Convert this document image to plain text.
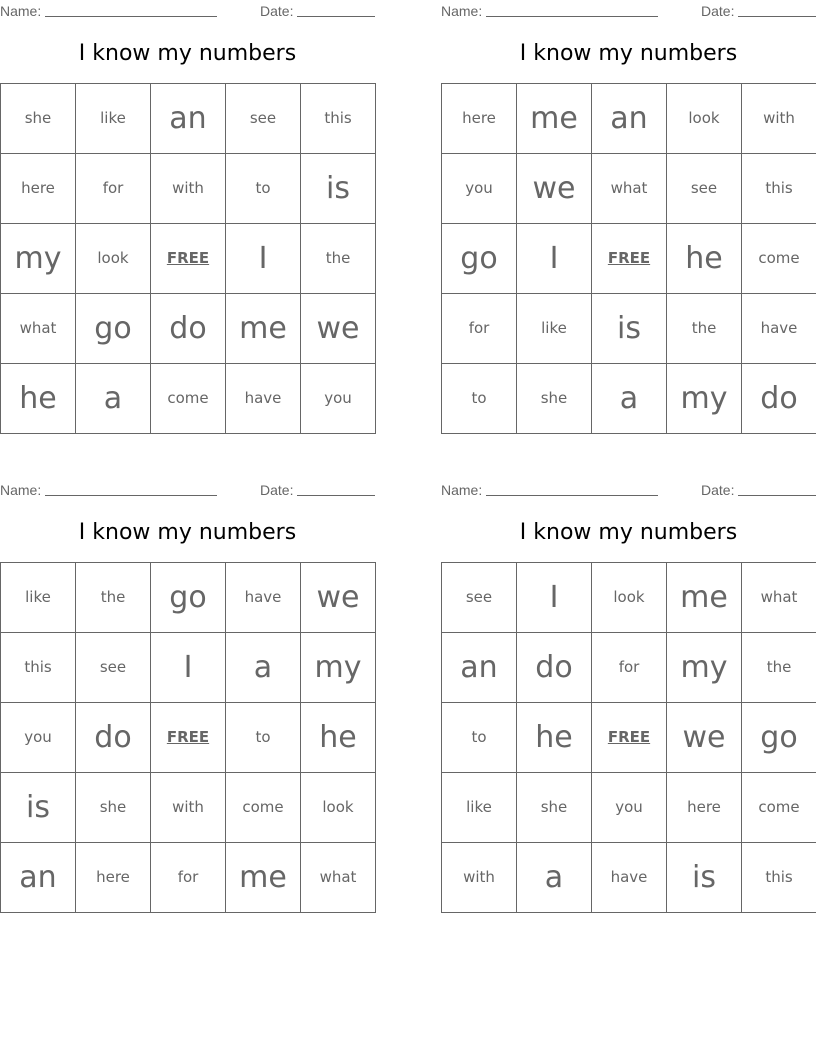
Name:	Date:
I know my numbers
she	like	an	see	this
here	for	with	to	is
my	look	FREE	I	the
what	go	do	me	we
he	a	come	have	you
Name:	Date:
I know my numbers
here	me	an	look	with
you	we	what	see	this
go	I	FREE	he	come
for	like	is	the	have
to	she	a	my	do
Name:	Date:
I know my numbers
like	the	go	have	we
this	see	I	a	my
you	do	FREE	to	he
is	she	with	come	look
an	here	for	me	what
Name:	Date:
I know my numbers
see	I	look	me	what
an	do	for	my	the
to	he	FREE	we	go
like	she	you	here	come
with	a	have	is	this
